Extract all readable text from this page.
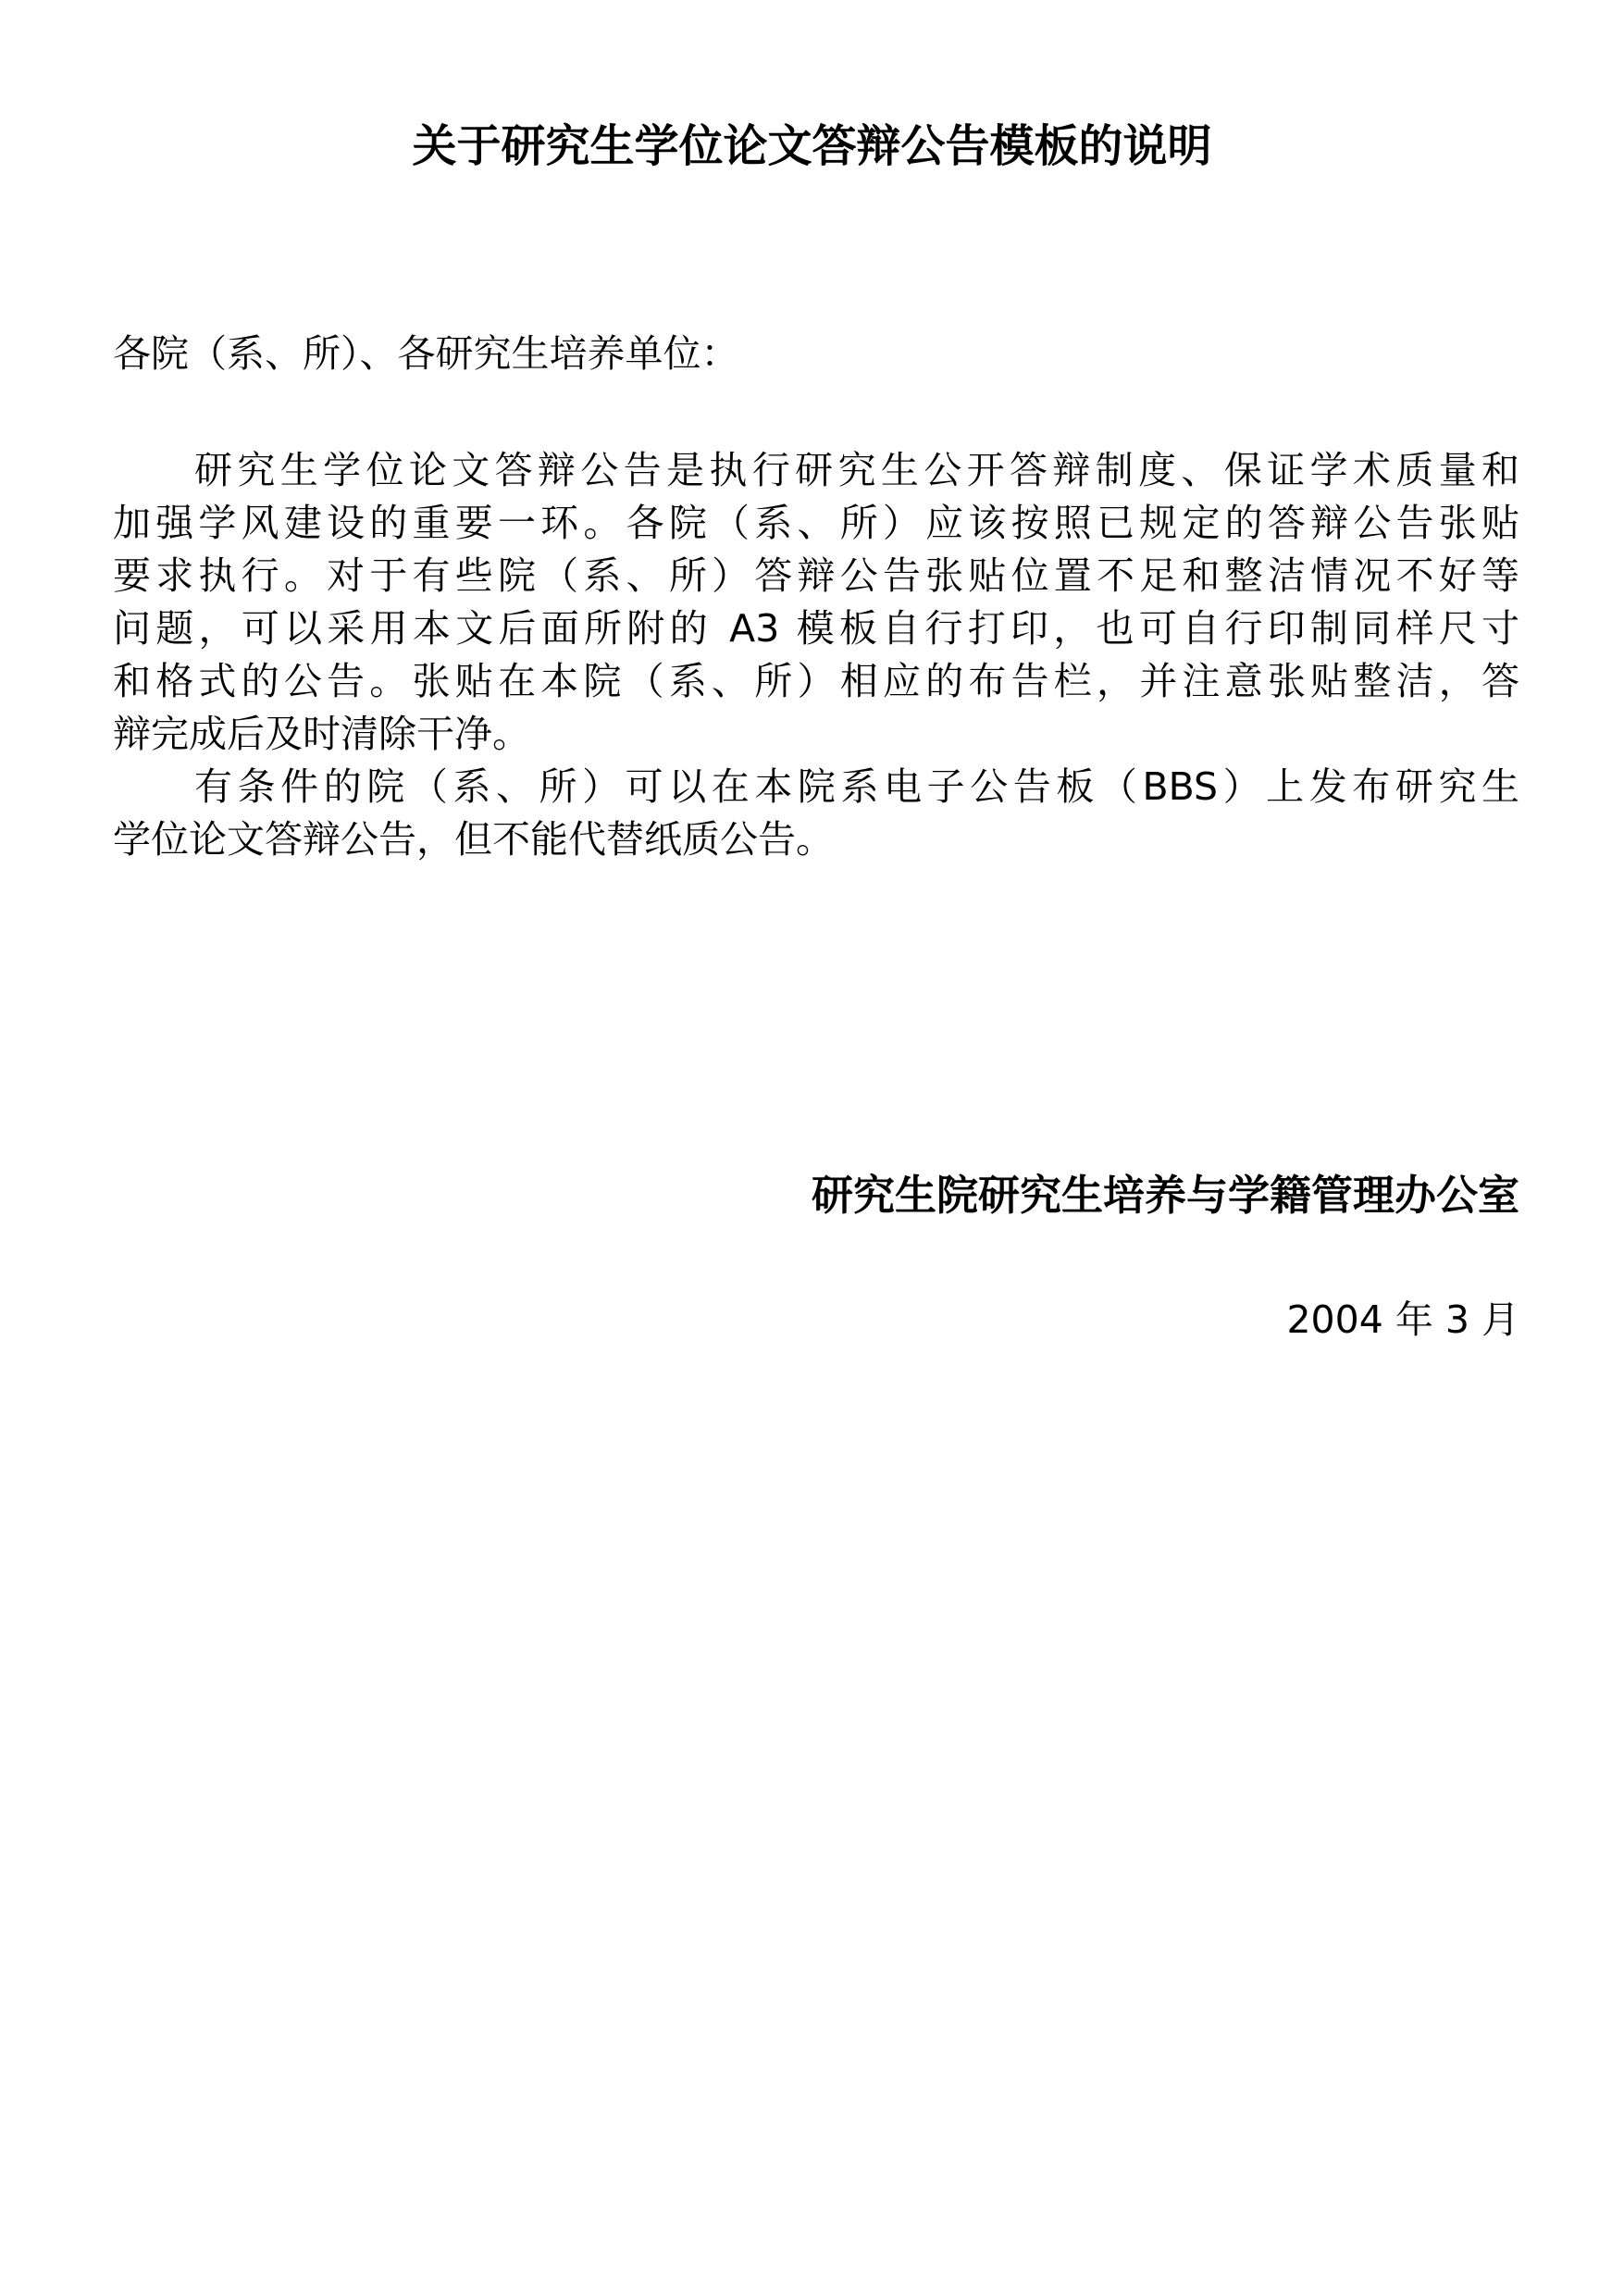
关于研究生学位论文答辩公告模板的说明
各院（系、所）、各研究生培养单位：
研究生学位论文答辩公告是执行研究生公开答辩制度、保证学术质量和
加强学风建设的重要一环。各院（系、所）应该按照已规定的答辩公告张贴
要求执行。对于有些院（系、所）答辩公告张贴位置不足和整洁情况不好等
问题，可以采用本文后面所附的 A3 模板自行打印，也可自行印制同样尺寸
和格式的公告。张贴在本院（系、所）相应的布告栏，并注意张贴整洁，答
辩完成后及时清除干净。
有条件的院（系、所）可以在本院系电子公告板（BBS）上发布研究生
学位论文答辩公告，但不能代替纸质公告。
研究生院研究生培养与学籍管理办公室
2004 年 3 月
